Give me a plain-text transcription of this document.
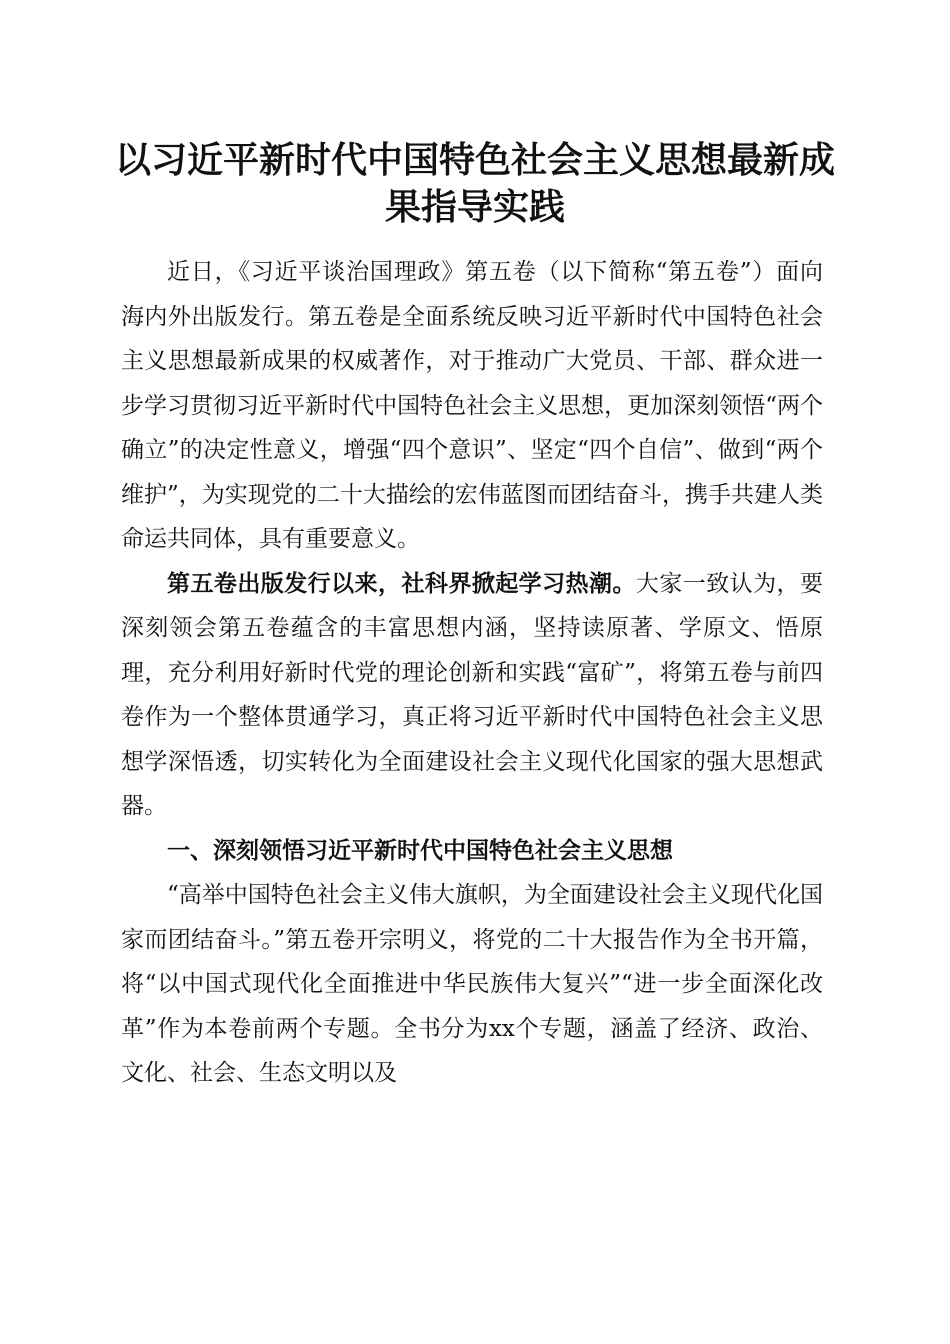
以习近平新时代中国特色社会主义思想最新成果指导实践

近日，《习近平谈治国理政》第五卷（以下简称“第五卷”）面向海内外出版发行。第五卷是全面系统反映习近平新时代中国特色社会主义思想最新成果的权威著作，对于推动广大党员、干部、群众进一步学习贯彻习近平新时代中国特色社会主义思想，更加深刻领悟“两个确立”的决定性意义，增强“四个意识”、坚定“四个自信”、做到“两个维护”，为实现党的二十大描绘的宏伟蓝图而团结奋斗，携手共建人类命运共同体，具有重要意义。

第五卷出版发行以来，社科界掀起学习热潮。大家一致认为，要深刻领会第五卷蕴含的丰富思想内涵，坚持读原著、学原文、悟原理，充分利用好新时代党的理论创新和实践“富矿”，将第五卷与前四卷作为一个整体贯通学习，真正将习近平新时代中国特色社会主义思想学深悟透，切实转化为全面建设社会主义现代化国家的强大思想武器。

一、深刻领悟习近平新时代中国特色社会主义思想

“高举中国特色社会主义伟大旗帜，为全面建设社会主义现代化国家而团结奋斗。”第五卷开宗明义，将党的二十大报告作为全书开篇，将“以中国式现代化全面推进中华民族伟大复兴”“进一步全面深化改革”作为本卷前两个专题。全书分为xx个专题，涵盖了经济、政治、文化、社会、生态文明以及
